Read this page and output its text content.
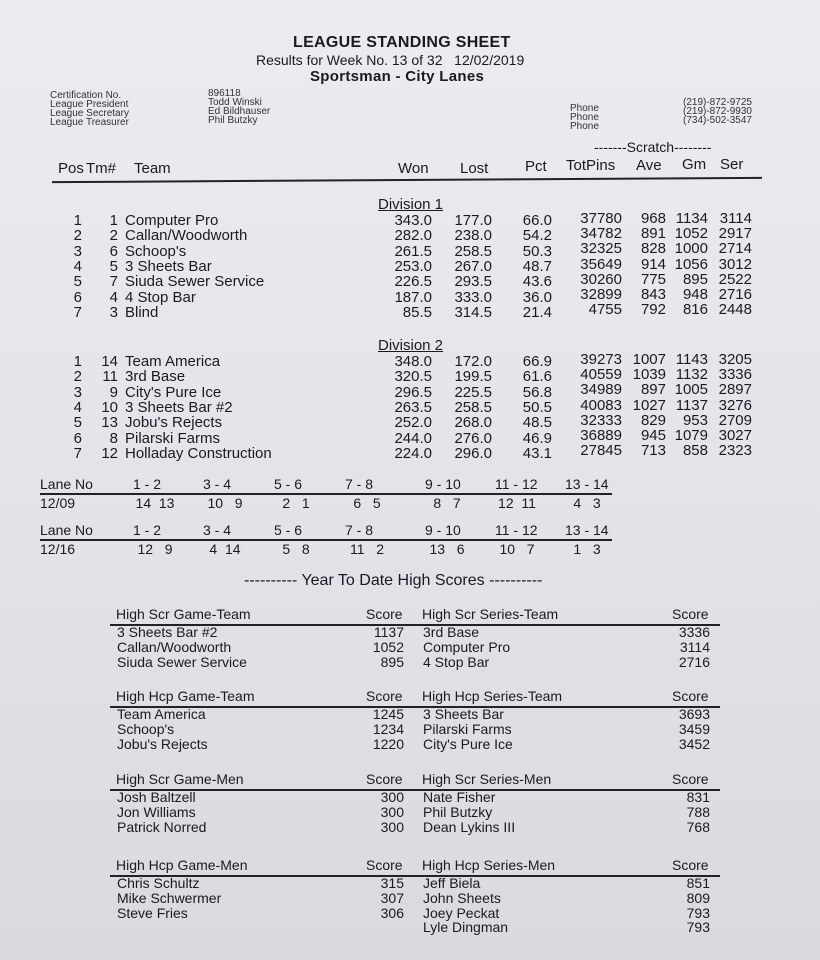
LEAGUE STANDING SHEET
Results for Week No. 13 of 32   12/02/2019
Sportsman - City Lanes
Certification No.	896118
League President	Todd Winski
Phone
(219)-872-9725
League Secretary	Ed Bildhauser
Phone
(219)-872-9930
League Treasurer	Phil Butzky
Phone
(734)-502-3547
-------Scratch--------
Pos Tm# Team	Won Lost Pct TotPins Ave Gm Ser
Division 1
1	1 Computer Pro	343.0	177.0	66.0	37780	968 1134 3114
2	2 Callan/Woodworth	282.0	238.0	54.2	34782	891 1052 2917
3	6 Schoop's	261.5	258.5	50.3	32325	828 1000 2714
4	5 3 Sheets Bar	253.0	267.0	48.7	35649	914 1056 3012
5	7 Siuda Sewer Service	226.5	293.5	43.6	30260	775	895 2522
6	4 4 Stop Bar	187.0	333.0	36.0	32899	843	948 2716
7	3 Blind	85.5	314.5	21.4	4755	792	816 2448
Division 2
1 14 Team America	348.0	172.0	66.9	39273 1007 1143 3205
2 11 3rd Base	320.5	199.5	61.6	40559 1039 1132 3336
3	9 City's Pure Ice	296.5	225.5	56.8	34989	897 1005 2897
4 10 3 Sheets Bar #2	263.5	258.5	50.5	40083 1027 1137 3276
5 13 Jobu's Rejects	252.0	268.0	48.5	32333	829	953 2709
6	8 Pilarski Farms	244.0	276.0	46.9	36889	945 1079 3027
7 12 Holladay Construction	224.0	296.0	43.1	27845	713	858 2323
Lane No	1 - 2	3 - 4	5 - 6	7 - 8	9 - 10 11 - 12 13 - 14
12/09	14  13	10   9	2   1	6   5	8   7	12  11	4   3
Lane No	1 - 2	3 - 4	5 - 6	7 - 8	9 - 10 11 - 12 13 - 14
12/16	12   9	4  14	5   8	11   2	13   6	10   7	1   3
---------- Year To Date High Scores ----------
High Scr Game-Team	Score High Scr Series-Team	Score
3 Sheets Bar #2	1137
Callan/Woodworth	1052
Siuda Sewer Service	895
3rd Base	3336
Computer Pro	3114
4 Stop Bar	2716
High Hcp Game-Team	Score High Hcp Series-Team	Score
Team America	1245
Schoop's	1234
Jobu's Rejects	1220
3 Sheets Bar	3693
Pilarski Farms	3459
City's Pure Ice	3452
High Scr Game-Men	Score High Scr Series-Men	Score
Josh Baltzell	300
Jon Williams	300
Patrick Norred	300
Nate Fisher	831
Phil Butzky	788
Dean Lykins III	768
High Hcp Game-Men	Score High Hcp Series-Men	Score
Chris Schultz	315
Mike Schwermer	307
Steve Fries	306
Jeff Biela	851
John Sheets	809
Joey Peckat	793
Lyle Dingman	793
